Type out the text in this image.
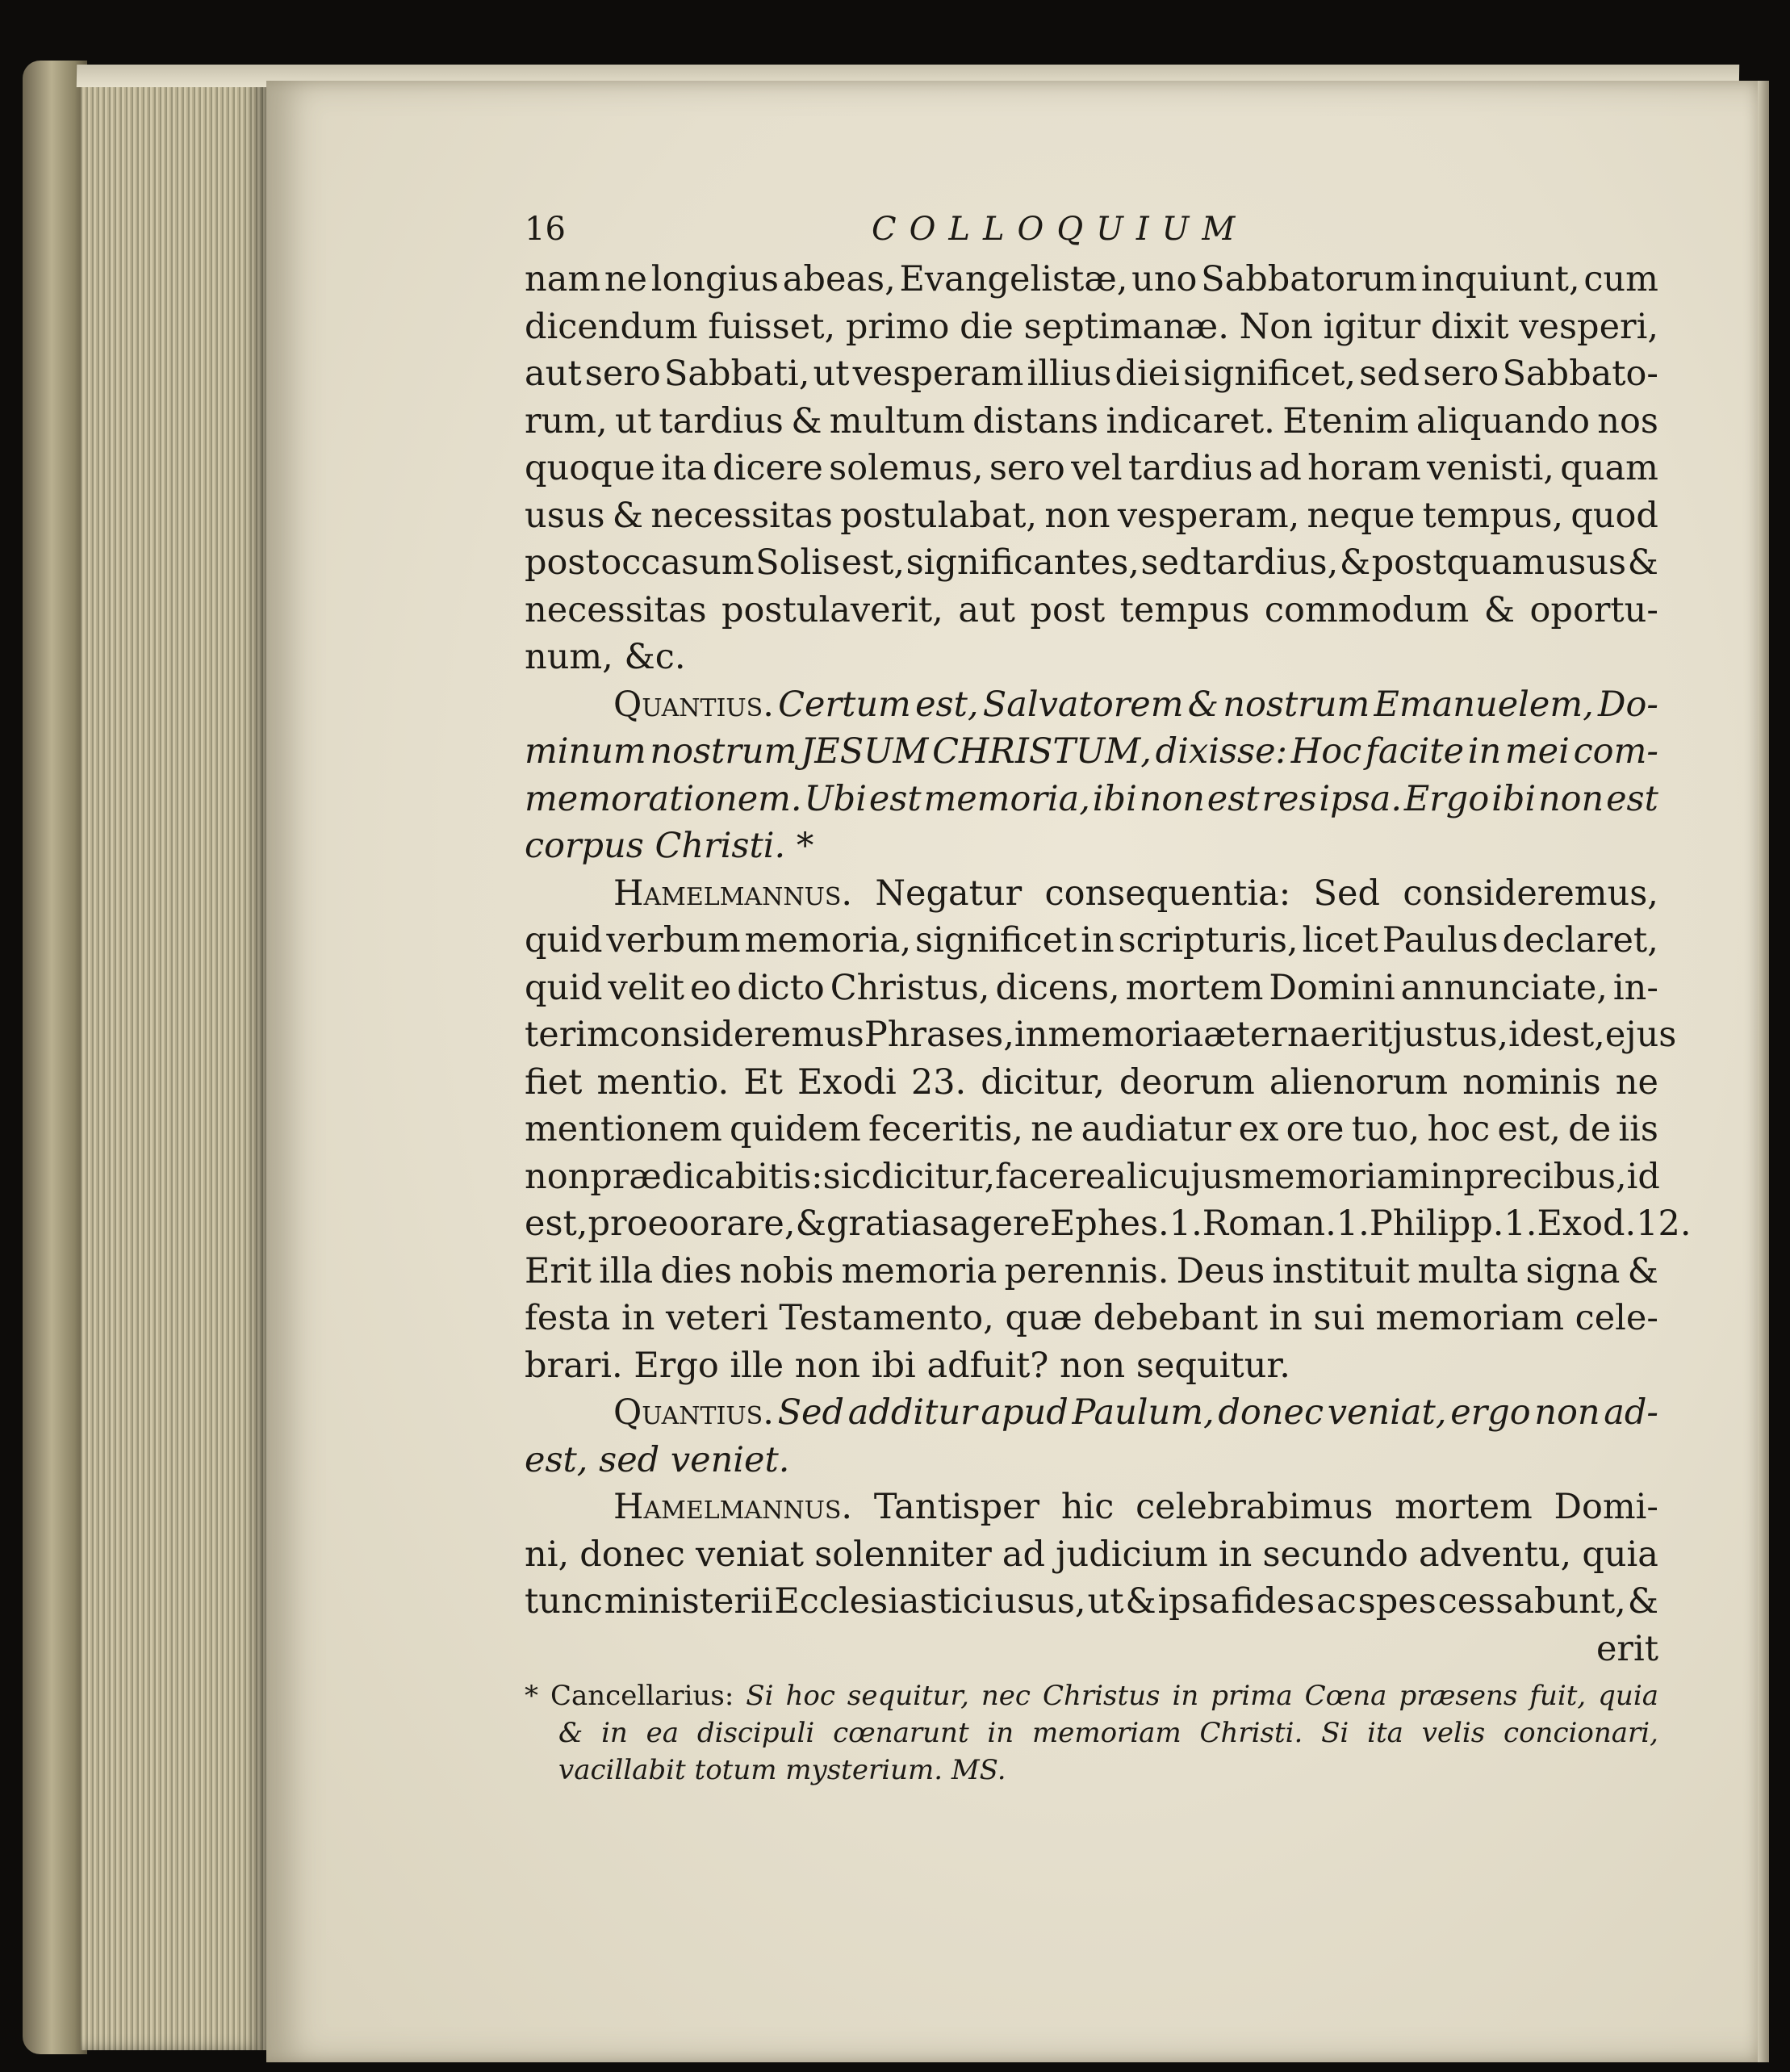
16	COLLOQUIUM
nam ne longius abeas, Evangelistæ, uno Sabbatorum inquiunt, cum
dicendum fuisset, primo die septimanæ. Non igitur dixit vesperi,
aut sero Sabbati, ut vesperam illius diei significet, sed sero Sabbato-
rum, ut tardius & multum distans indicaret. Etenim aliquando nos
quoque ita dicere solemus, sero vel tardius ad horam venisti, quam
usus & necessitas postulabat, non vesperam, neque tempus, quod
post occasum Solis est, significantes, sed tardius, & postquam usus &
necessitas postulaverit, aut post tempus commodum & oportu-
num, &c.
Quantius. Certum est, Salvatorem & nostrum Emanuelem, Do-
minum nostrum JESUM CHRISTUM, dixisse: Hoc facite in mei com-
memorationem. Ubi est memoria, ibi non est res ipsa. Ergo ibi non est
corpus Christi. *
Hamelmannus. Negatur consequentia: Sed consideremus,
quid verbum memoria, significet in scripturis, licet Paulus declaret,
quid velit eo dicto Christus, dicens, mortem Domini annunciate, in-
terim consideremus Phrases, in memoria æterna erit justus, id est, ejus
fiet mentio. Et Exodi 23. dicitur, deorum alienorum nominis ne
mentionem quidem feceritis, ne audiatur ex ore tuo, hoc est, de iis
non prædicabitis: sic dicitur, facere alicujus memoriam in precibus, id
est, pro eo orare, & gratias agere Ephes. 1. Roman. 1. Philipp. 1. Exod. 12.
Erit illa dies nobis memoria perennis. Deus instituit multa signa &
festa in veteri Testamento, quæ debebant in sui memoriam cele-
brari. Ergo ille non ibi adfuit? non sequitur.
Quantius. Sed additur apud Paulum, donec veniat, ergo non ad-
est, sed veniet.
Hamelmannus. Tantisper hic celebrabimus mortem Domi-
ni, donec veniat solenniter ad judicium in secundo adventu, quia
tunc ministerii Ecclesiastici usus, ut & ipsa fides ac spes cessabunt, &
erit
* Cancellarius: Si hoc sequitur, nec Christus in prima Cœna præsens fuit, quia
& in ea discipuli cœnarunt in memoriam Christi. Si ita velis concionari,
vacillabit totum mysterium. MS.
